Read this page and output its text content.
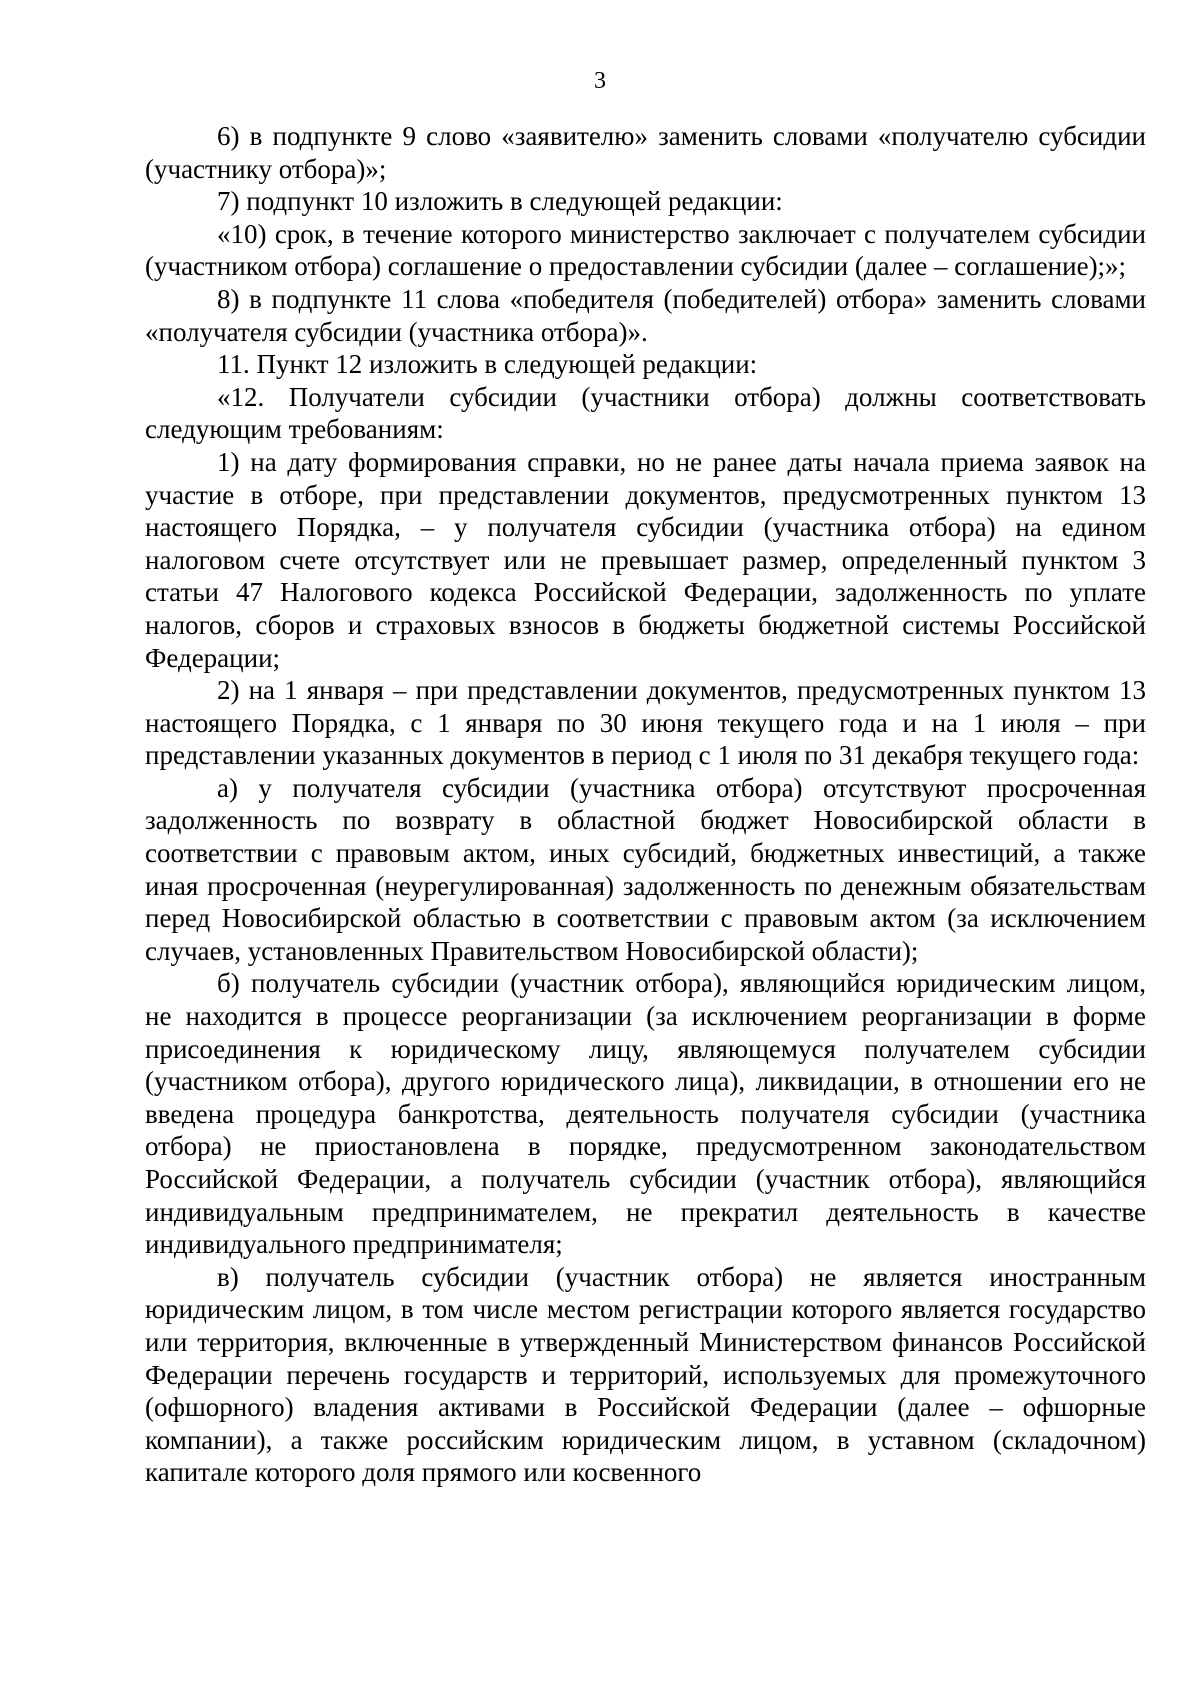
3

6) в подпункте 9 слово «заявителю» заменить словами «получателю субсидии (участнику отбора)»;

7) подпункт 10 изложить в следующей редакции:

«10) срок, в течение которого министерство заключает с получателем субсидии (участником отбора) соглашение о предоставлении субсидии (далее – соглашение);»;

8) в подпункте 11 слова «победителя (победителей) отбора» заменить словами «получателя субсидии (участника отбора)».

11. Пункт 12 изложить в следующей редакции:

«12. Получатели субсидии (участники отбора) должны соответствовать следующим требованиям:

1) на дату формирования справки, но не ранее даты начала приема заявок на участие в отборе, при представлении документов, предусмотренных пунктом 13 настоящего Порядка, – у получателя субсидии (участника отбора) на едином налоговом счете отсутствует или не превышает размер, определенный пунктом 3 статьи 47 Налогового кодекса Российской Федерации, задолженность по уплате налогов, сборов и страховых взносов в бюджеты бюджетной системы Российской Федерации;

2) на 1 января – при представлении документов, предусмотренных пунктом 13 настоящего Порядка, с 1 января по 30 июня текущего года и на 1 июля – при представлении указанных документов в период с 1 июля по 31 декабря текущего года:

а) у получателя субсидии (участника отбора) отсутствуют просроченная задолженность по возврату в областной бюджет Новосибирской области в соответствии с правовым актом, иных субсидий, бюджетных инвестиций, а также иная просроченная (неурегулированная) задолженность по денежным обязательствам перед Новосибирской областью в соответствии с правовым актом (за исключением случаев, установленных Правительством Новосибирской области);

б) получатель субсидии (участник отбора), являющийся юридическим лицом, не находится в процессе реорганизации (за исключением реорганизации в форме присоединения к юридическому лицу, являющемуся получателем субсидии (участником отбора), другого юридического лица), ликвидации, в отношении его не введена процедура банкротства, деятельность получателя субсидии (участника отбора) не приостановлена в порядке, предусмотренном законодательством Российской Федерации, а получатель субсидии (участник отбора), являющийся индивидуальным предпринимателем, не прекратил деятельность в качестве индивидуального предпринимателя;

в) получатель субсидии (участник отбора) не является иностранным юридическим лицом, в том числе местом регистрации которого является государство или территория, включенные в утвержденный Министерством финансов Российской Федерации перечень государств и территорий, используемых для промежуточного (офшорного) владения активами в Российской Федерации (далее – офшорные компании), а также российским юридическим лицом, в уставном (складочном) капитале которого доля прямого или косвенного
